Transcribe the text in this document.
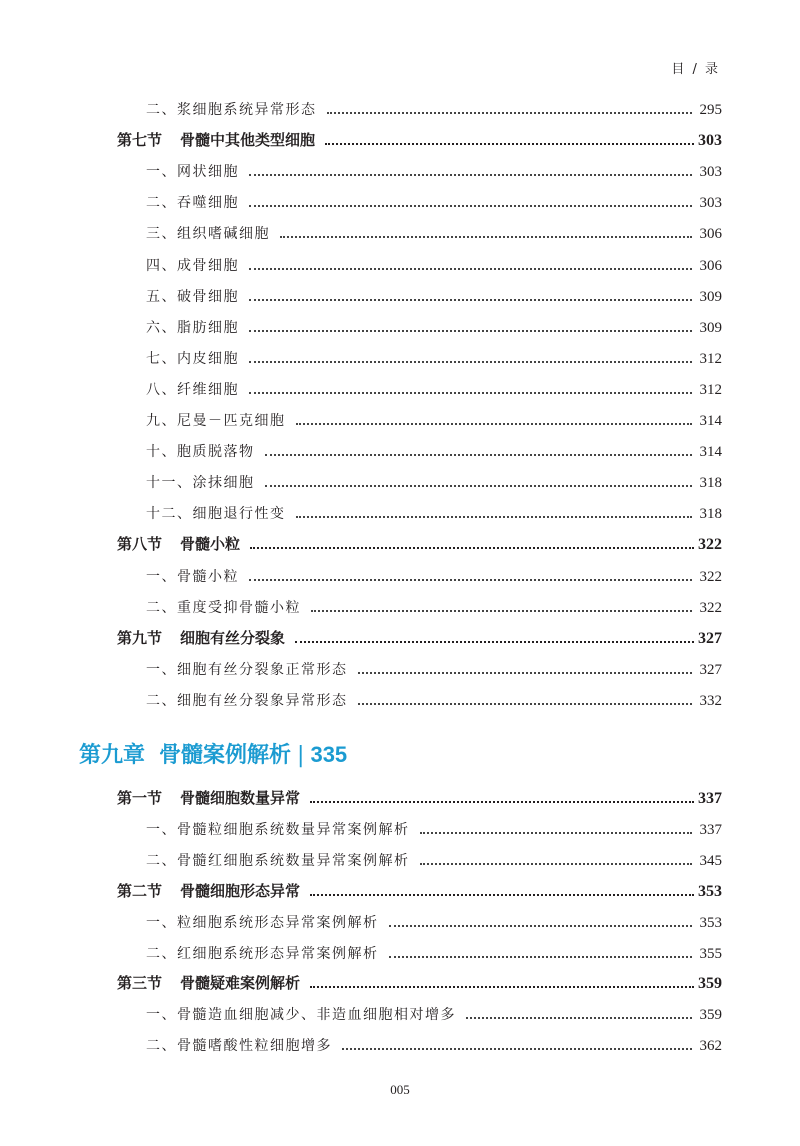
目 / 录
二、浆细胞系统异常形态	295
第七节 骨髓中其他类型细胞	303
一、网状细胞	303
二、吞噬细胞	303
三、组织嗜碱细胞	306
四、成骨细胞	306
五、破骨细胞	309
六、脂肪细胞	309
七、内皮细胞	312
八、纤维细胞	312
九、尼曼－匹克细胞	314
十、胞质脱落物	314
十一、涂抹细胞	318
十二、细胞退行性变	318
第八节 骨髓小粒	322
一、骨髓小粒	322
二、重度受抑骨髓小粒	322
第九节 细胞有丝分裂象	327
一、细胞有丝分裂象正常形态	327
二、细胞有丝分裂象异常形态	332
第一节 骨髓细胞数量异常	337
一、骨髓粒细胞系统数量异常案例解析	337
二、骨髓红细胞系统数量异常案例解析	345
第二节 骨髓细胞形态异常	353
一、粒细胞系统形态异常案例解析	353
二、红细胞系统形态异常案例解析	355
第三节 骨髓疑难案例解析	359
一、骨髓造血细胞减少、非造血细胞相对增多	359
二、骨髓嗜酸性粒细胞增多	362
第九章 骨髓案例解析 | 335
005
